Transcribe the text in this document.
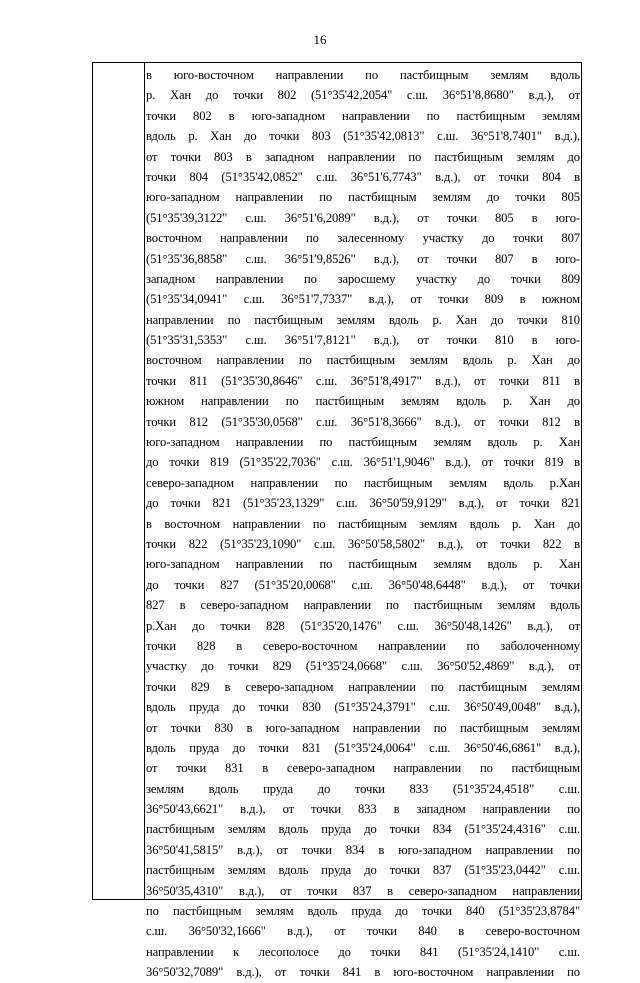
16
в юго-восточном направлении по пастбищным землям вдоль
р. Хан до точки 802 (51°35'42,2054" с.ш. 36°51'8,8680" в.д.), от
точки 802 в юго-западном направлении по пастбищным землям
вдоль р. Хан до точки 803 (51°35'42,0813" с.ш. 36°51'8,7401" в.д.),
от точки 803 в западном направлении по пастбищным землям до
точки 804 (51°35'42,0852" с.ш. 36°51'6,7743" в.д.), от точки 804 в
юго-западном направлении по пастбищным землям до точки 805
(51°35'39,3122" с.ш. 36°51'6,2089" в.д.), от точки 805 в юго-
восточном направлении по залесенному участку до точки 807
(51°35'36,8858" с.ш. 36°51'9,8526" в.д.), от точки 807 в юго-
западном направлении по заросшему участку до точки 809
(51°35'34,0941" с.ш. 36°51'7,7337" в.д.), от точки 809 в южном
направлении по пастбищным землям вдоль р. Хан до точки 810
(51°35'31,5353" с.ш. 36°51'7,8121" в.д.), от точки 810 в юго-
восточном направлении по пастбищным землям вдоль р. Хан до
точки 811 (51°35'30,8646" с.ш. 36°51'8,4917" в.д.), от точки 811 в
южном направлении по пастбищным землям вдоль р. Хан до
точки 812 (51°35'30,0568" с.ш. 36°51'8,3666" в.д.), от точки 812 в
юго-западном направлении по пастбищным землям вдоль р. Хан
до точки 819 (51°35'22,7036" с.ш. 36°51'1,9046" в.д.), от точки 819 в
северо-западном направлении по пастбищным землям вдоль р.Хан
до точки 821 (51°35'23,1329" с.ш. 36°50'59,9129" в.д.), от точки 821
в восточном направлении по пастбищным землям вдоль р. Хан до
точки 822 (51°35'23,1090" с.ш. 36°50'58,5802" в.д.), от точки 822 в
юго-западном направлении по пастбищным землям вдоль р. Хан
до точки 827 (51°35'20,0068" с.ш. 36°50'48,6448" в.д.), от точки
827 в северо-западном направлении по пастбищным землям вдоль
р.Хан до точки 828 (51°35'20,1476" с.ш. 36°50'48,1426" в.д.), от
точки 828 в северо-восточном направлении по заболоченному
участку до точки 829 (51°35'24,0668" с.ш. 36°50'52,4869" в.д.), от
точки 829 в северо-западном направлении по пастбищным землям
вдоль пруда до точки 830 (51°35'24,3791" с.ш. 36°50'49,0048" в.д.),
от точки 830 в юго-западном направлении по пастбищным землям
вдоль пруда до точки 831 (51°35'24,0064" с.ш. 36°50'46,6861" в.д.),
от точки 831 в северо-западном направлении по пастбищным
землям вдоль пруда до точки 833 (51°35'24,4518" с.ш.
36°50'43,6621" в.д.), от точки 833 в западном направлении по
пастбищным землям вдоль пруда до точки 834 (51°35'24,4316" с.ш.
36°50'41,5815" в.д.), от точки 834 в юго-западном направлении по
пастбищным землям вдоль пруда до точки 837 (51°35'23,0442" с.ш.
36°50'35,4310" в.д.), от точки 837 в северо-западном направлении
по пастбищным землям вдоль пруда до точки 840 (51°35'23,8784"
с.ш. 36°50'32,1666" в.д.), от точки 840 в северо-восточном
направлении к лесополосе до точки 841 (51°35'24,1410" с.ш.
36°50'32,7089" в.д.), от точки 841 в юго-восточном направлении по
